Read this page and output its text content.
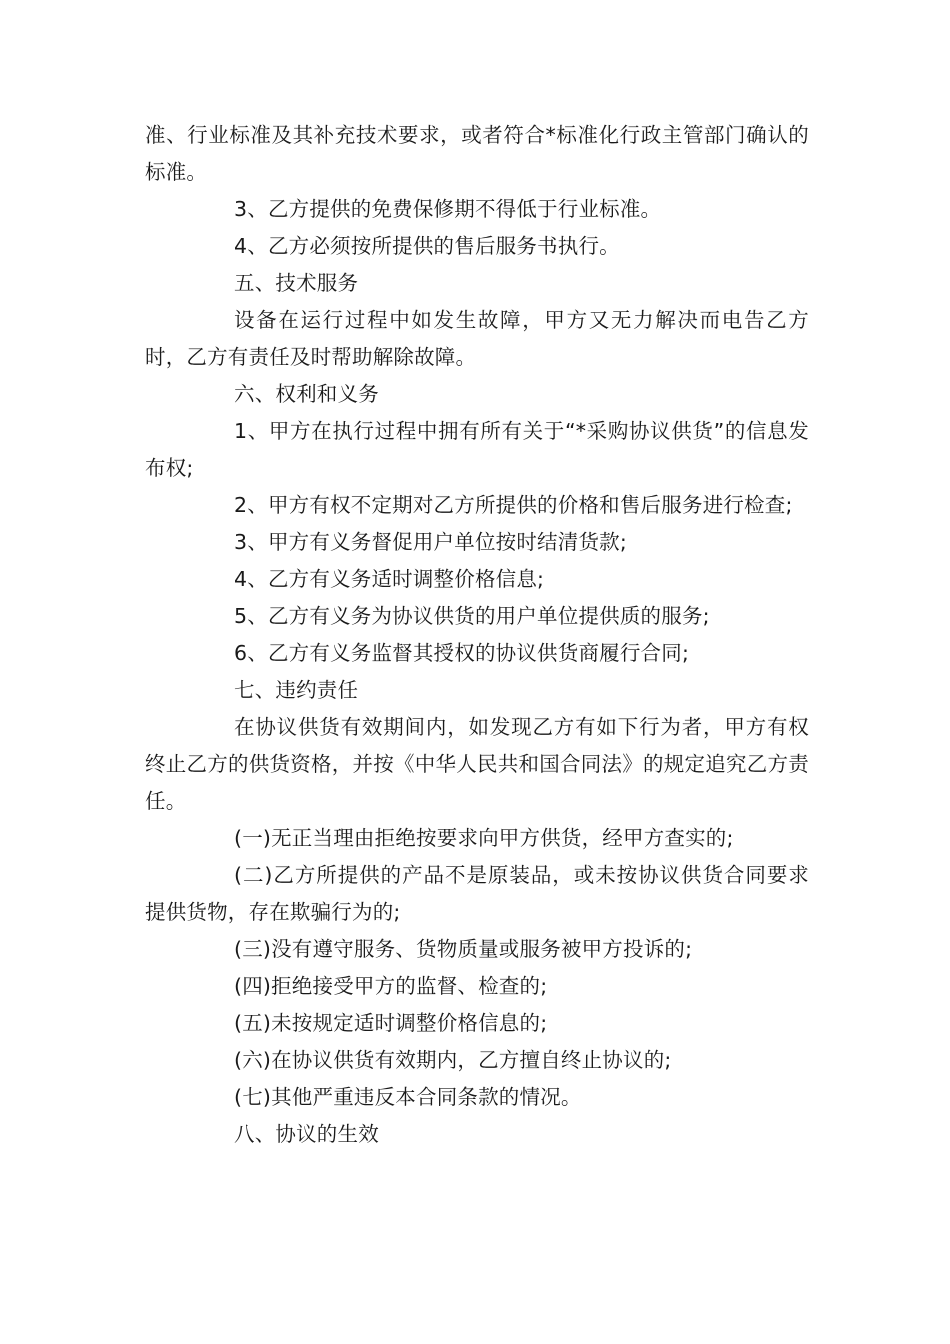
准、行业标准及其补充技术要求，或者符合*标准化行政主管部门确认的标准。

3、乙方提供的免费保修期不得低于行业标准。

4、乙方必须按所提供的售后服务书执行。

五、技术服务

设备在运行过程中如发生故障，甲方又无力解决而电告乙方时，乙方有责任及时帮助解除故障。

六、权利和义务

1、甲方在执行过程中拥有所有关于“*采购协议供货”的信息发布权;

2、甲方有权不定期对乙方所提供的价格和售后服务进行检查;

3、甲方有义务督促用户单位按时结清货款;

4、乙方有义务适时调整价格信息;

5、乙方有义务为协议供货的用户单位提供质的服务;

6、乙方有义务监督其授权的协议供货商履行合同;

七、违约责任

在协议供货有效期间内，如发现乙方有如下行为者，甲方有权终止乙方的供货资格，并按《中华人民共和国合同法》的规定追究乙方责任。

(一)无正当理由拒绝按要求向甲方供货，经甲方查实的;

(二)乙方所提供的产品不是原装品，或未按协议供货合同要求提供货物，存在欺骗行为的;

(三)没有遵守服务、货物质量或服务被甲方投诉的;

(四)拒绝接受甲方的监督、检查的;

(五)未按规定适时调整价格信息的;

(六)在协议供货有效期内，乙方擅自终止协议的;

(七)其他严重违反本合同条款的情况。

八、协议的生效
